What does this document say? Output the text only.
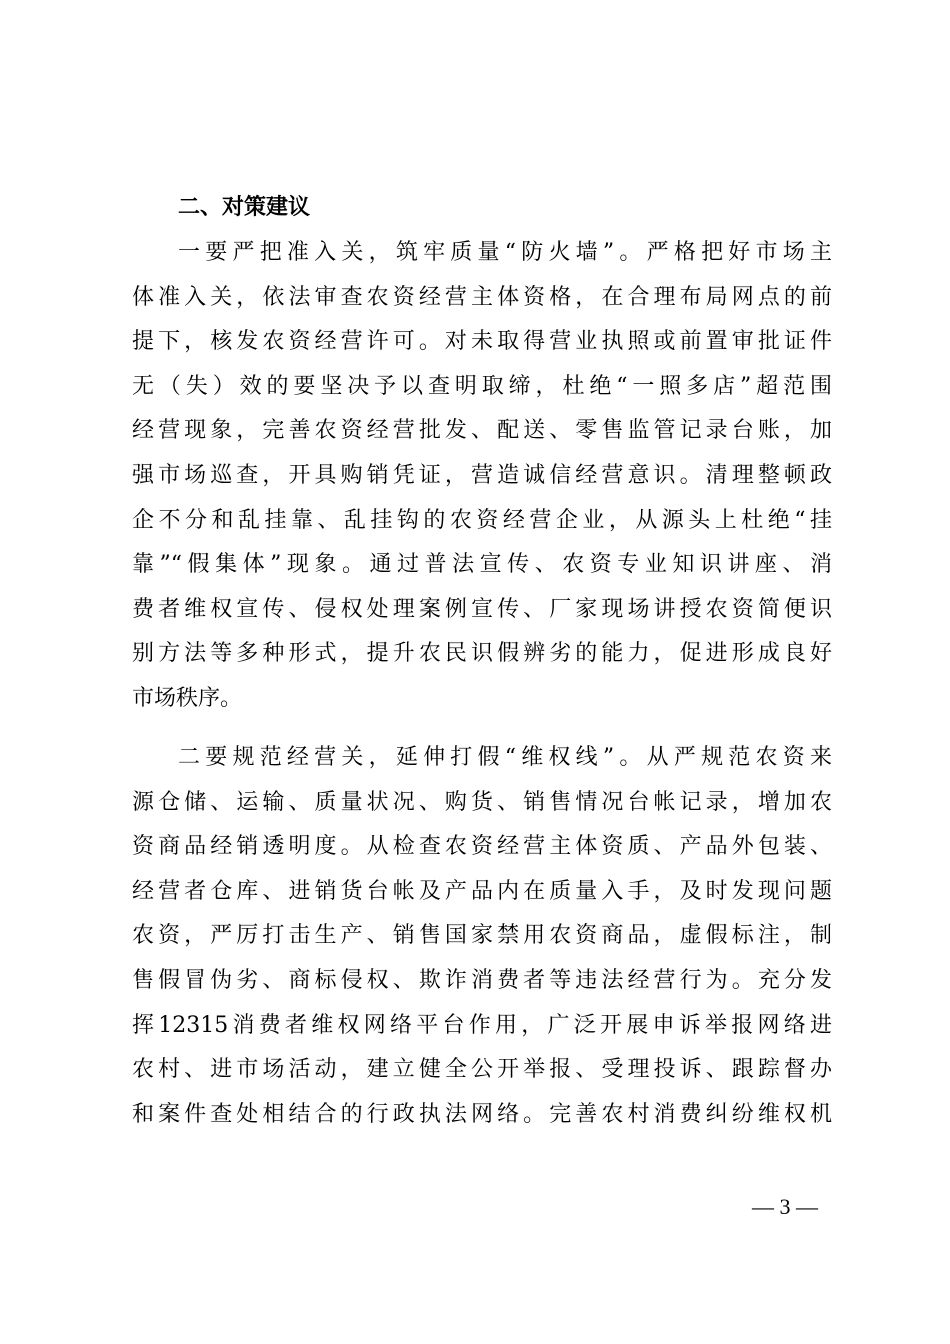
二、对策建议
一要严把准入关，筑牢质量“防火墙”。严格把好市场主
体准入关，依法审查农资经营主体资格，在合理布局网点的前
提下，核发农资经营许可。对未取得营业执照或前置审批证件
无（失）效的要坚决予以查明取缔，杜绝“一照多店”超范围
经营现象，完善农资经营批发、配送、零售监管记录台账，加
强市场巡查，开具购销凭证，营造诚信经营意识。清理整顿政
企不分和乱挂靠、乱挂钩的农资经营企业，从源头上杜绝“挂
靠”“假集体”现象。通过普法宣传、农资专业知识讲座、消
费者维权宣传、侵权处理案例宣传、厂家现场讲授农资简便识
别方法等多种形式，提升农民识假辨劣的能力，促进形成良好
市场秩序。
二要规范经营关，延伸打假“维权线”。从严规范农资来
源仓储、运输、质量状况、购货、销售情况台帐记录，增加农
资商品经销透明度。从检查农资经营主体资质、产品外包装、
经营者仓库、进销货台帐及产品内在质量入手，及时发现问题
农资，严厉打击生产、销售国家禁用农资商品，虚假标注，制
售假冒伪劣、商标侵权、欺诈消费者等违法经营行为。充分发
挥12315消费者维权网络平台作用，广泛开展申诉举报网络进
农村、进市场活动，建立健全公开举报、受理投诉、跟踪督办
和案件查处相结合的行政执法网络。完善农村消费纠纷维权机
— 3 —
